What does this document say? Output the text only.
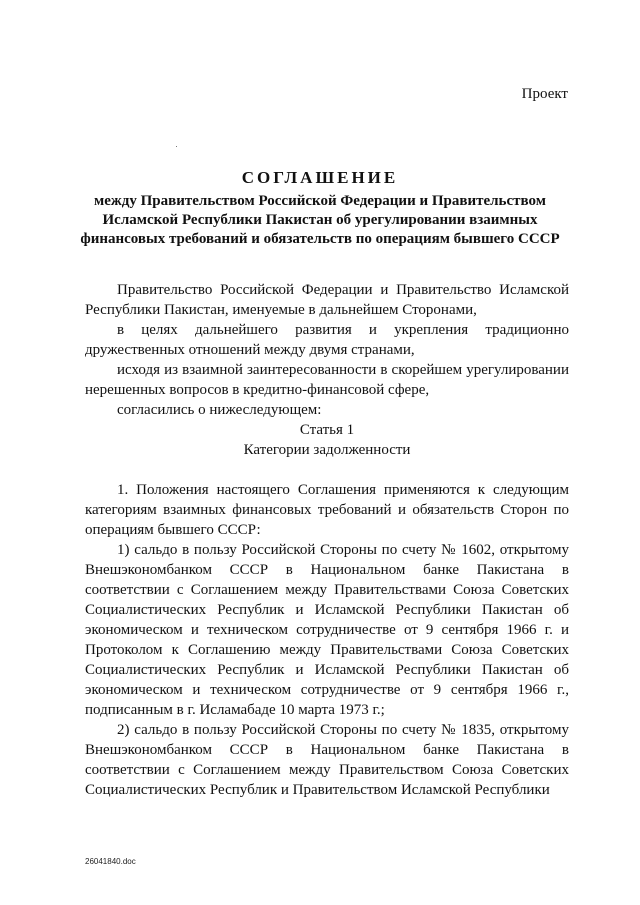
Проект
СОГЛАШЕНИЕ
между Правительством Российской Федерации и Правительством
Исламской Республики Пакистан об урегулировании взаимных
финансовых требований и обязательств по операциям бывшего СССР

Правительство Российской Федерации и Правительство Исламской Республики Пакистан, именуемые в дальнейшем Сторонами,

в целях дальнейшего развития и укрепления традиционно дружественных отношений между двумя странами,

исходя из взаимной заинтересованности в скорейшем урегулировании нерешенных вопросов в кредитно-финансовой сфере,

согласились о нижеследующем:

Статья 1

Категории задолженности

1. Положения настоящего Соглашения применяются к следующим категориям взаимных финансовых требований и обязательств Сторон по операциям бывшего СССР:

1) сальдо в пользу Российской Стороны по счету № 1602, открытому Внешэкономбанком СССР в Национальном банке Пакистана в соответствии с Соглашением между Правительствами Союза Советских Социалистических Республик и Исламской Республики Пакистан об экономическом и техническом сотрудничестве от 9 сентября 1966 г. и Протоколом к Соглашению между Правительствами Союза Советских Социалистических Республик и Исламской Республики Пакистан об экономическом и техническом сотрудничестве от 9 сентября 1966 г., подписанным в г. Исламабаде 10 марта 1973 г.;

2) сальдо в пользу Российской Стороны по счету № 1835, открытому Внешэкономбанком СССР в Национальном банке Пакистана в соответствии с Соглашением между Правительством Союза Советских Социалистических Республик и Правительством Исламской Республики

26041840.doc
